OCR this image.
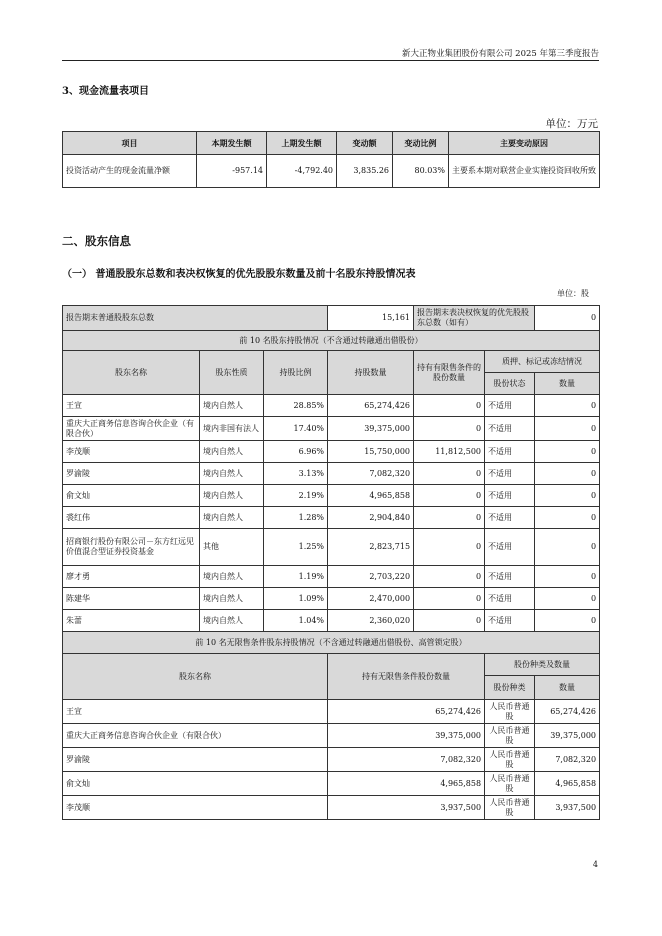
新大正物业集团股份有限公司 2025 年第三季度报告
3、现金流量表项目
单位：万元
项目	本期发生额	上期发生额	变动额	变动比例	主要变动原因
投资活动产生的现金流量净额	-957.14	-4,792.40	3,835.26	80.03%	主要系本期对联营企业实施投资回收所致
二、股东信息
（一） 普通股股东总数和表决权恢复的优先股股东数量及前十名股东持股情况表
单位：股
报告期末普通股股东总数			15,161	报告期末表决权恢复的优先股股东总数（如有）		0
前 10 名股东持股情况（不含通过转融通出借股份）						
股东名称	股东性质	持股比例	持股数量	持有有限售条件的股份数量	质押、标记或冻结情况	
					股份状态	数量
王宣	境内自然人	28.85%	65,274,426	0	不适用	0
重庆大正商务信息咨询合伙企业（有限合伙）	境内非国有法人	17.40%	39,375,000	0	不适用	0
李茂顺	境内自然人	6.96%	15,750,000	11,812,500	不适用	0
罗渝陵	境内自然人	3.13%	7,082,320	0	不适用	0
俞文灿	境内自然人	2.19%	4,965,858	0	不适用	0
裘红伟	境内自然人	1.28%	2,904,840	0	不适用	0
招商银行股份有限公司－东方红远见价值混合型证券投资基金	其他	1.25%	2,823,715	0	不适用	0
廖才勇	境内自然人	1.19%	2,703,220	0	不适用	0
陈建华	境内自然人	1.09%	2,470,000	0	不适用	0
朱蕾	境内自然人	1.04%	2,360,020	0	不适用	0
前 10 名无限售条件股东持股情况（不含通过转融通出借股份、高管锁定股）						
股东名称			持有无限售条件股份数量		股份种类及数量	
					股份种类	数量
王宣			65,274,426		人民币普通股	65,274,426
重庆大正商务信息咨询合伙企业（有限合伙）			39,375,000		人民币普通股	39,375,000
罗渝陵			7,082,320		人民币普通股	7,082,320
俞文灿			4,965,858		人民币普通股	4,965,858
李茂顺			3,937,500		人民币普通股	3,937,500
4
